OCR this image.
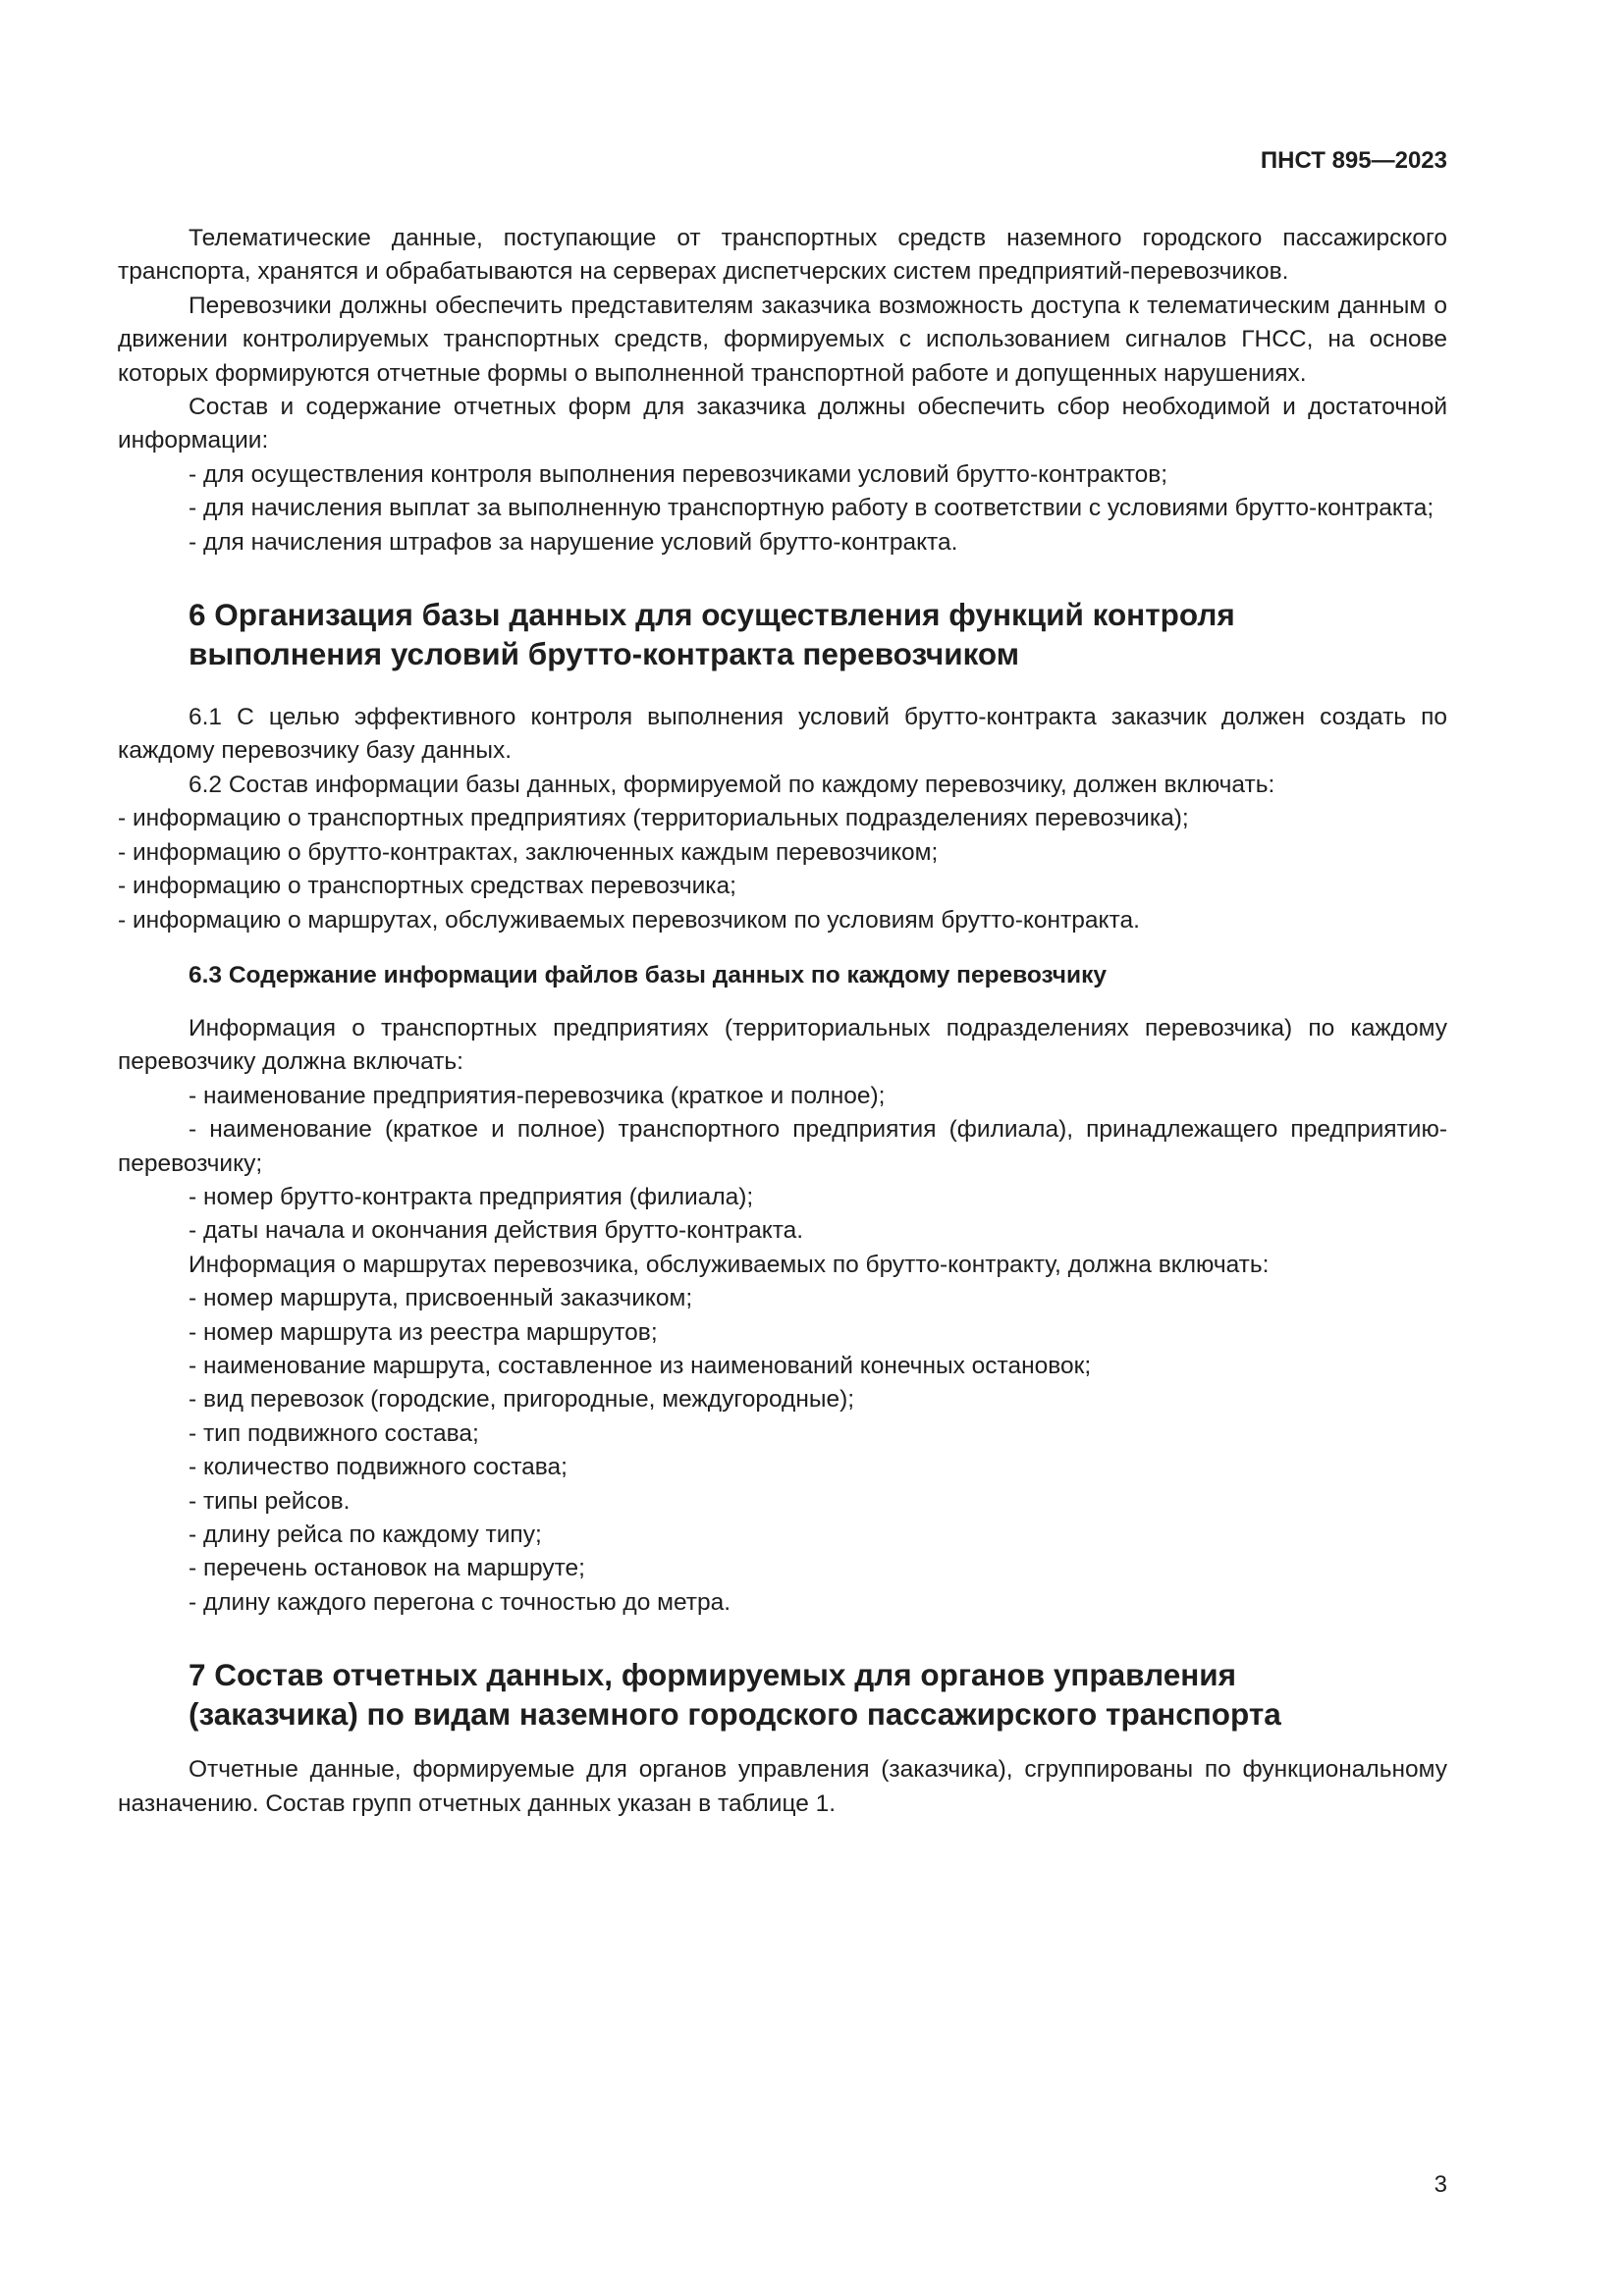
ПНСТ 895—2023

Телематические данные, поступающие от транспортных средств наземного городского пассажирского транспорта, хранятся и обрабатываются на серверах диспетчерских систем предприятий-перевозчиков.

Перевозчики должны обеспечить представителям заказчика возможность доступа к телематическим данным о движении контролируемых транспортных средств, формируемых с использованием сигналов ГНСС, на основе которых формируются отчетные формы о выполненной транспортной работе и допущенных нарушениях.

Состав и содержание отчетных форм для заказчика должны обеспечить сбор необходимой и достаточной информации:

- для осуществления контроля выполнения перевозчиками условий брутто-контрактов;

- для начисления выплат за выполненную транспортную работу в соответствии с условиями брутто-контракта;

- для начисления штрафов за нарушение условий брутто-контракта.

6 Организация базы данных для осуществления функций контроля
выполнения условий брутто-контракта перевозчиком

6.1 С целью эффективного контроля выполнения условий брутто-контракта заказчик должен создать по каждому перевозчику базу данных.

6.2 Состав информации базы данных, формируемой по каждому перевозчику, должен включать:

- информацию о транспортных предприятиях (территориальных подразделениях перевозчика);

- информацию о брутто-контрактах, заключенных каждым перевозчиком;

- информацию о транспортных средствах перевозчика;

- информацию о маршрутах, обслуживаемых перевозчиком по условиям брутто-контракта.

6.3 Содержание информации файлов базы данных по каждому перевозчику

Информация о транспортных предприятиях (территориальных подразделениях перевозчика) по каждому перевозчику должна включать:

- наименование предприятия-перевозчика (краткое и полное);

- наименование (краткое и полное) транспортного предприятия (филиала), принадлежащего предприятию-перевозчику;

- номер брутто-контракта предприятия (филиала);

- даты начала и окончания действия брутто-контракта.

Информация о маршрутах перевозчика, обслуживаемых по брутто-контракту, должна включать:

- номер маршрута, присвоенный заказчиком;

- номер маршрута из реестра маршрутов;

- наименование маршрута, составленное из наименований конечных остановок;

- вид перевозок (городские, пригородные, междугородные);

- тип подвижного состава;

- количество подвижного состава;

- типы рейсов.

- длину рейса по каждому типу;

- перечень остановок на маршруте;

- длину каждого перегона с точностью до метра.

7 Состав отчетных данных, формируемых для органов управления
(заказчика) по видам наземного городского пассажирского транспорта

Отчетные данные, формируемые для органов управления (заказчика), сгруппированы по функциональному назначению. Состав групп отчетных данных указан в таблице 1.

3
